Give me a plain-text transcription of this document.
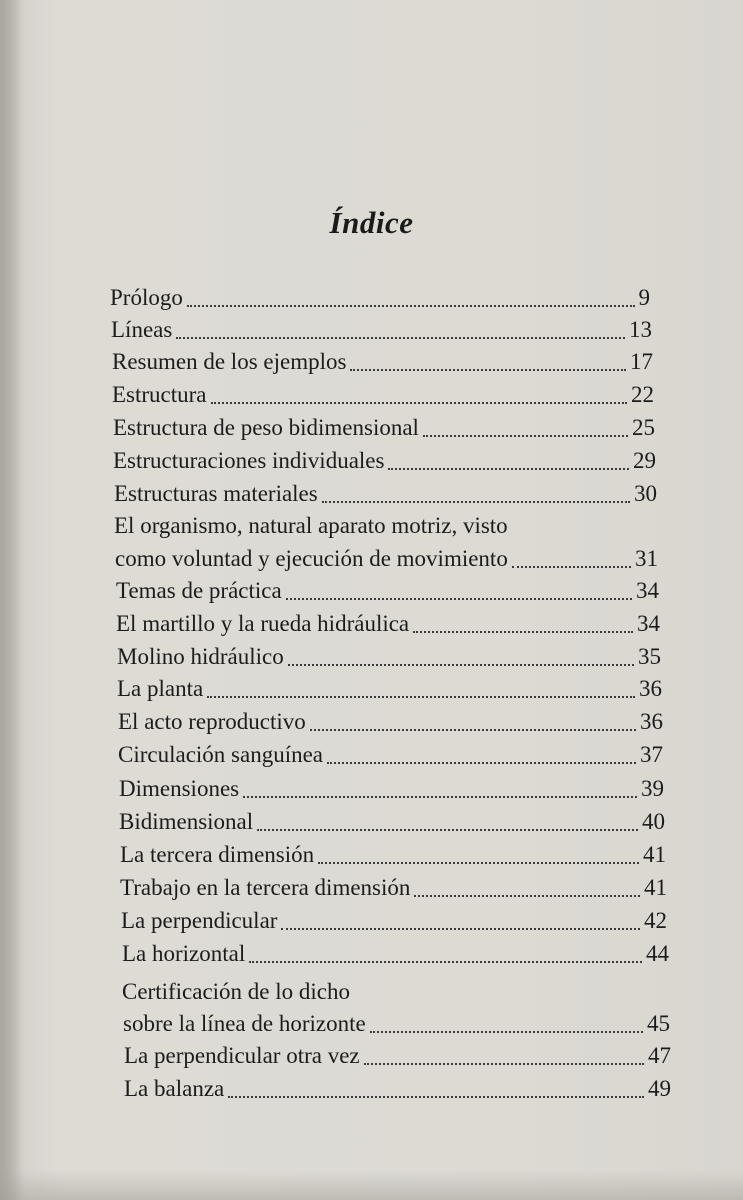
Índice
Prólogo	9
Líneas	13
Resumen de los ejemplos	17
Estructura	22
Estructura de peso bidimensional	25
Estructuraciones individuales	29
Estructuras materiales	30
El organismo, natural aparato motriz, visto
como voluntad y ejecución de movimiento	31
Temas de práctica	34
El martillo y la rueda hidráulica	34
Molino hidráulico	35
La planta	36
El acto reproductivo	36
Circulación sanguínea	37
Dimensiones	39
Bidimensional	40
La tercera dimensión	41
Trabajo en la tercera dimensión	41
La perpendicular	42
La horizontal	44
Certificación de lo dicho
sobre la línea de horizonte	45
La perpendicular otra vez	47
La balanza	49
